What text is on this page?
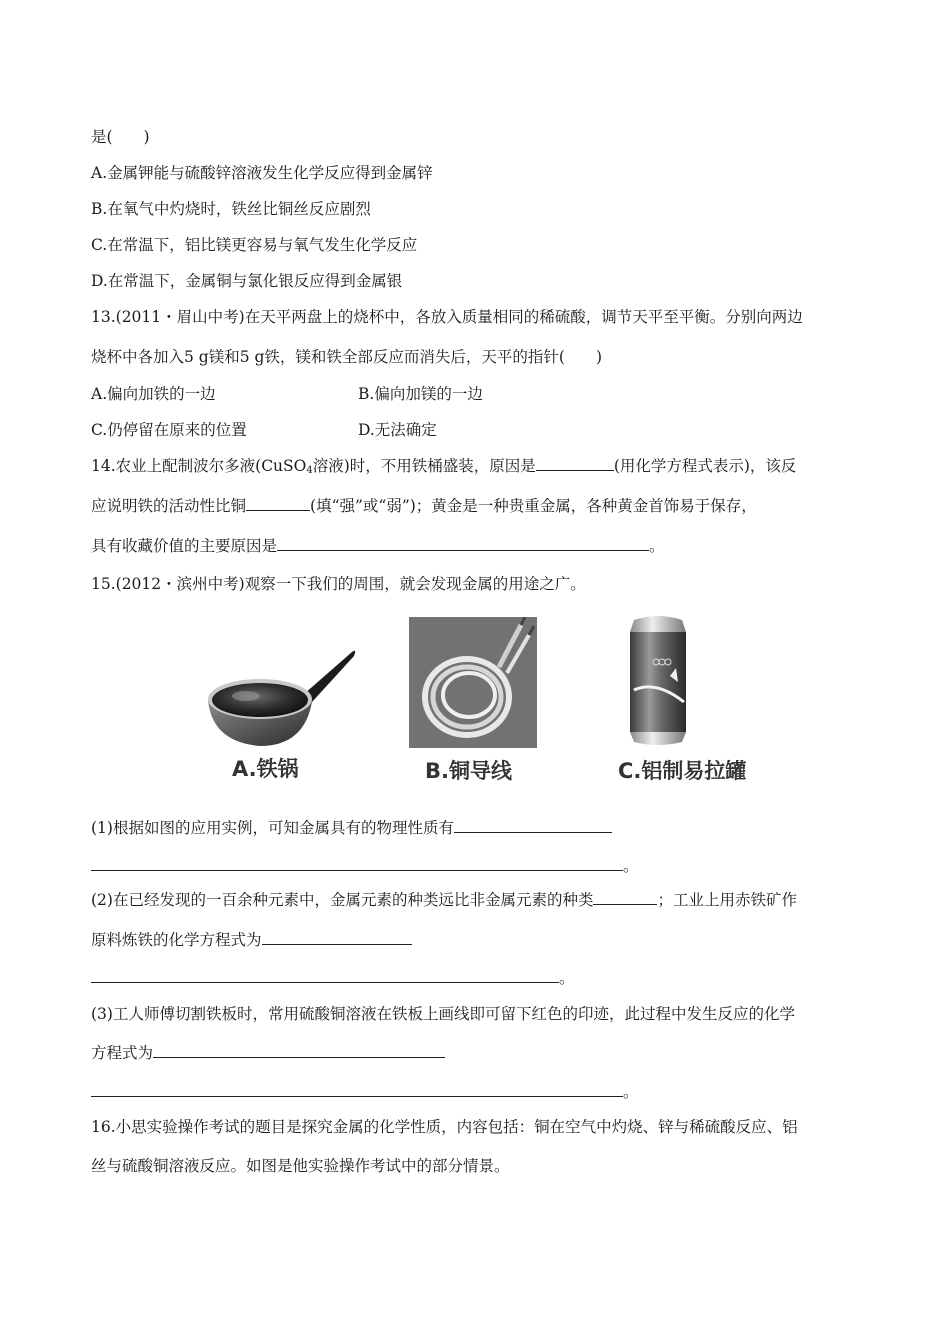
是(　　)
A.金属钾能与硫酸锌溶液发生化学反应得到金属锌
B.在氧气中灼烧时，铁丝比铜丝反应剧烈
C.在常温下，铝比镁更容易与氧气发生化学反应
D.在常温下，金属铜与氯化银反应得到金属银
13.(2011・眉山中考)在天平两盘上的烧杯中，各放入质量相同的稀硫酸，调节天平至平衡。分别向两边
烧杯中各加入5 g镁和5 g铁，镁和铁全部反应而消失后，天平的指针(　　)
A.偏向加铁的一边	B.偏向加镁的一边
C.仍停留在原来的位置	D.无法确定
14.农业上配制波尔多液(CuSO$_4$溶液)时，不用铁桶盛装，原因是	(用化学方程式表示)，该反
应说明铁的活动性比铜	(填“强”或“弱”)；黄金是一种贵重金属，各种黄金首饰易于保存，
具有收藏价值的主要原因是	。
15.(2012・滨州中考)观察一下我们的周围，就会发现金属的用途之广。
A.铁锅	B.铜导线	C.铝制易拉罐
(1)根据如图的应用实例，可知金属具有的物理性质有
。
(2)在已经发现的一百余种元素中，金属元素的种类远比非金属元素的种类	；工业上用赤铁矿作
原料炼铁的化学方程式为
。
(3)工人师傅切割铁板时，常用硫酸铜溶液在铁板上画线即可留下红色的印迹，此过程中发生反应的化学
方程式为
。
16.小思实验操作考试的题目是探究金属的化学性质，内容包括：铜在空气中灼烧、锌与稀硫酸反应、铝
丝与硫酸铜溶液反应。如图是他实验操作考试中的部分情景。
